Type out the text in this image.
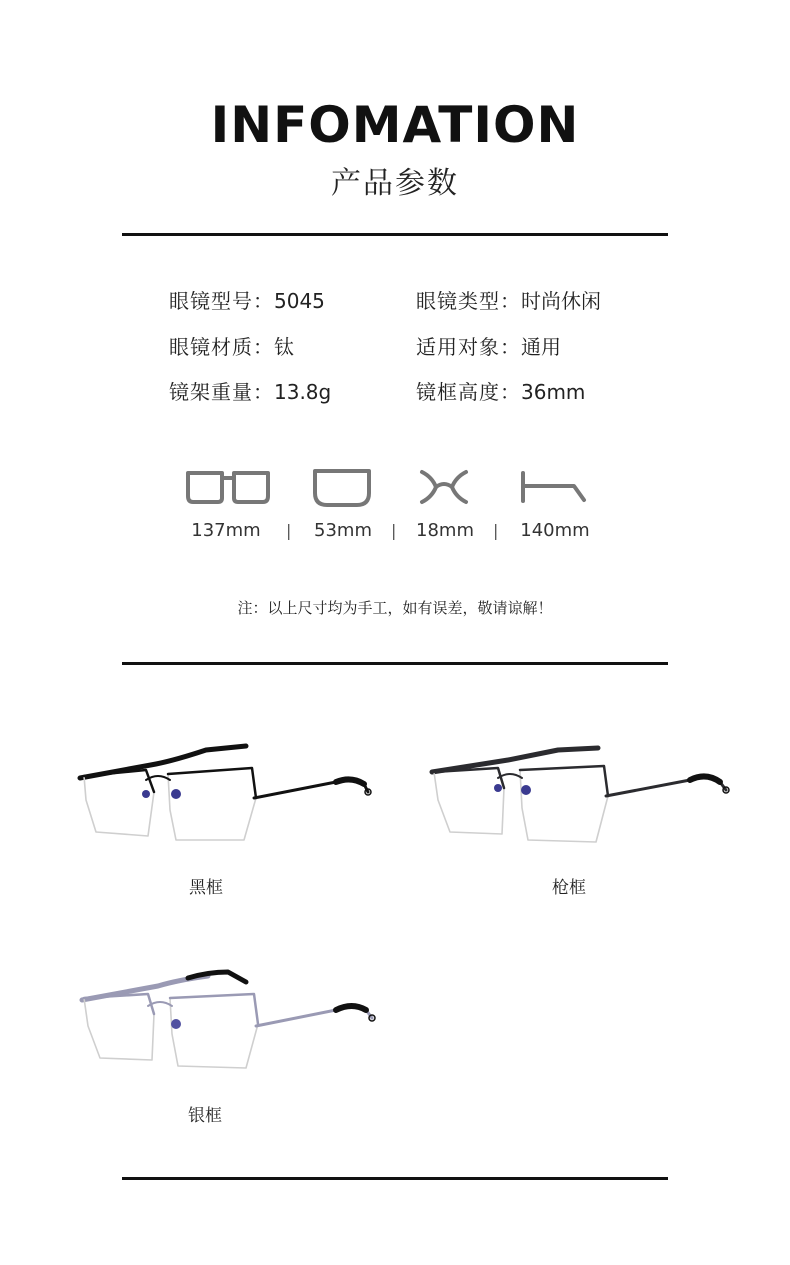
INFOMATION
产品参数
眼镜型号：5045	眼镜类型：时尚休闲
眼镜材质：钛	适用对象：通用
镜架重量：13.8g	镜框高度：36mm
137mm	|	53mm	|	18mm	|	140mm
注：以上尺寸均为手工，如有误差，敬请谅解！
黑框	枪框
银框
